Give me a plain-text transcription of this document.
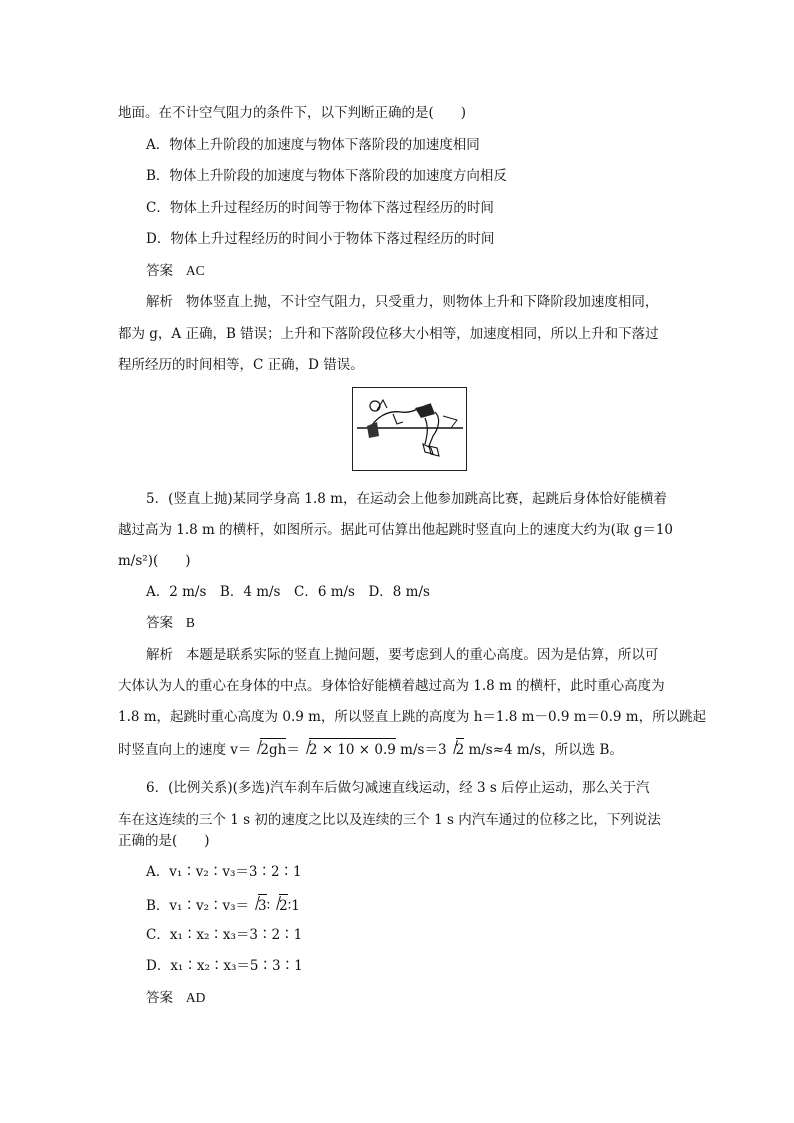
地面。在不计空气阻力的条件下，以下判断正确的是(　　)
A．物体上升阶段的加速度与物体下落阶段的加速度相同
B．物体上升阶段的加速度与物体下落阶段的加速度方向相反
C．物体上升过程经历的时间等于物体下落过程经历的时间
D．物体上升过程经历的时间小于物体下落过程经历的时间
答案 AC
解析 物体竖直上抛，不计空气阻力，只受重力，则物体上升和下降阶段加速度相同，
都为 g，A 正确，B 错误；上升和下落阶段位移大小相等，加速度相同，所以上升和下落过
程所经历的时间相等，C 正确，D 错误。
5．(竖直上抛)某同学身高 1.8 m，在运动会上他参加跳高比赛，起跳后身体恰好能横着
越过高为 1.8 m 的横杆，如图所示。据此可估算出他起跳时竖直向上的速度大约为(取 g＝10
m/s²)(　　)
A．2 m/s　B．4 m/s　C．6 m/s　D．8 m/s
答案 B
解析 本题是联系实际的竖直上抛问题，要考虑到人的重心高度。因为是估算，所以可
大体认为人的重心在身体的中点。身体恰好能横着越过高为 1.8 m 的横杆，此时重心高度为
1.8 m，起跳时重心高度为 0.9 m，所以竖直上跳的高度为 h＝1.8 m－0.9 m＝0.9 m，所以跳起
时竖直向上的速度 v＝ 2gh＝ 2 × 10 × 0.9 m/s＝3 2 m/s≈4 m/s，所以选 B。
6．(比例关系)(多选)汽车刹车后做匀减速直线运动，经 3 s 后停止运动，那么关于汽
车在这连续的三个 1 s 初的速度之比以及连续的三个 1 s 内汽车通过的位移之比，下列说法
正确的是(　　)
A．v₁∶v₂∶v₃＝3∶2∶1
B．v₁∶v₂∶v₃＝ 3∶ 2∶1
C．x₁∶x₂∶x₃＝3∶2∶1
D．x₁∶x₂∶x₃＝5∶3∶1
答案 AD
